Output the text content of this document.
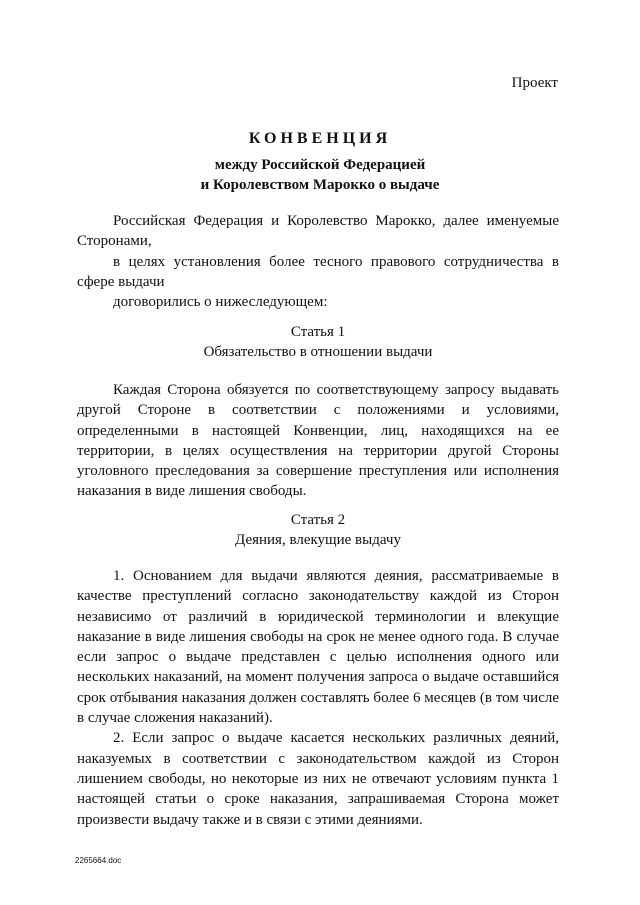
Проект
КОНВЕНЦИЯ
между Российской Федерацией
и Королевством Марокко о выдаче

Российская Федерация и Королевство Марокко, далее именуемые Сторонами,

в целях установления более тесного правового сотрудничества в сфере выдачи

договорились о нижеследующем:

Статья 1

Обязательство в отношении выдачи

Каждая Сторона обязуется по соответствующему запросу выдавать другой Стороне в соответствии с положениями и условиями, определенными в настоящей Конвенции, лиц, находящихся на ее территории, в целях осуществления на территории другой Стороны уголовного преследования за совершение преступления или исполнения наказания в виде лишения свободы.

Статья 2

Деяния, влекущие выдачу

1. Основанием для выдачи являются деяния, рассматриваемые в качестве преступлений согласно законодательству каждой из Сторон независимо от различий в юридической терминологии и влекущие наказание в виде лишения свободы на срок не менее одного года. В случае если запрос о выдаче представлен с целью исполнения одного или нескольких наказаний, на момент получения запроса о выдаче оставшийся срок отбывания наказания должен составлять более 6 месяцев (в том числе в случае сложения наказаний).

2. Если запрос о выдаче касается нескольких различных деяний, наказуемых в соответствии с законодательством каждой из Сторон лишением свободы, но некоторые из них не отвечают условиям пункта 1 настоящей статьи о сроке наказания, запрашиваемая Сторона может произвести выдачу также и в связи с этими деяниями.

2265664.doc
